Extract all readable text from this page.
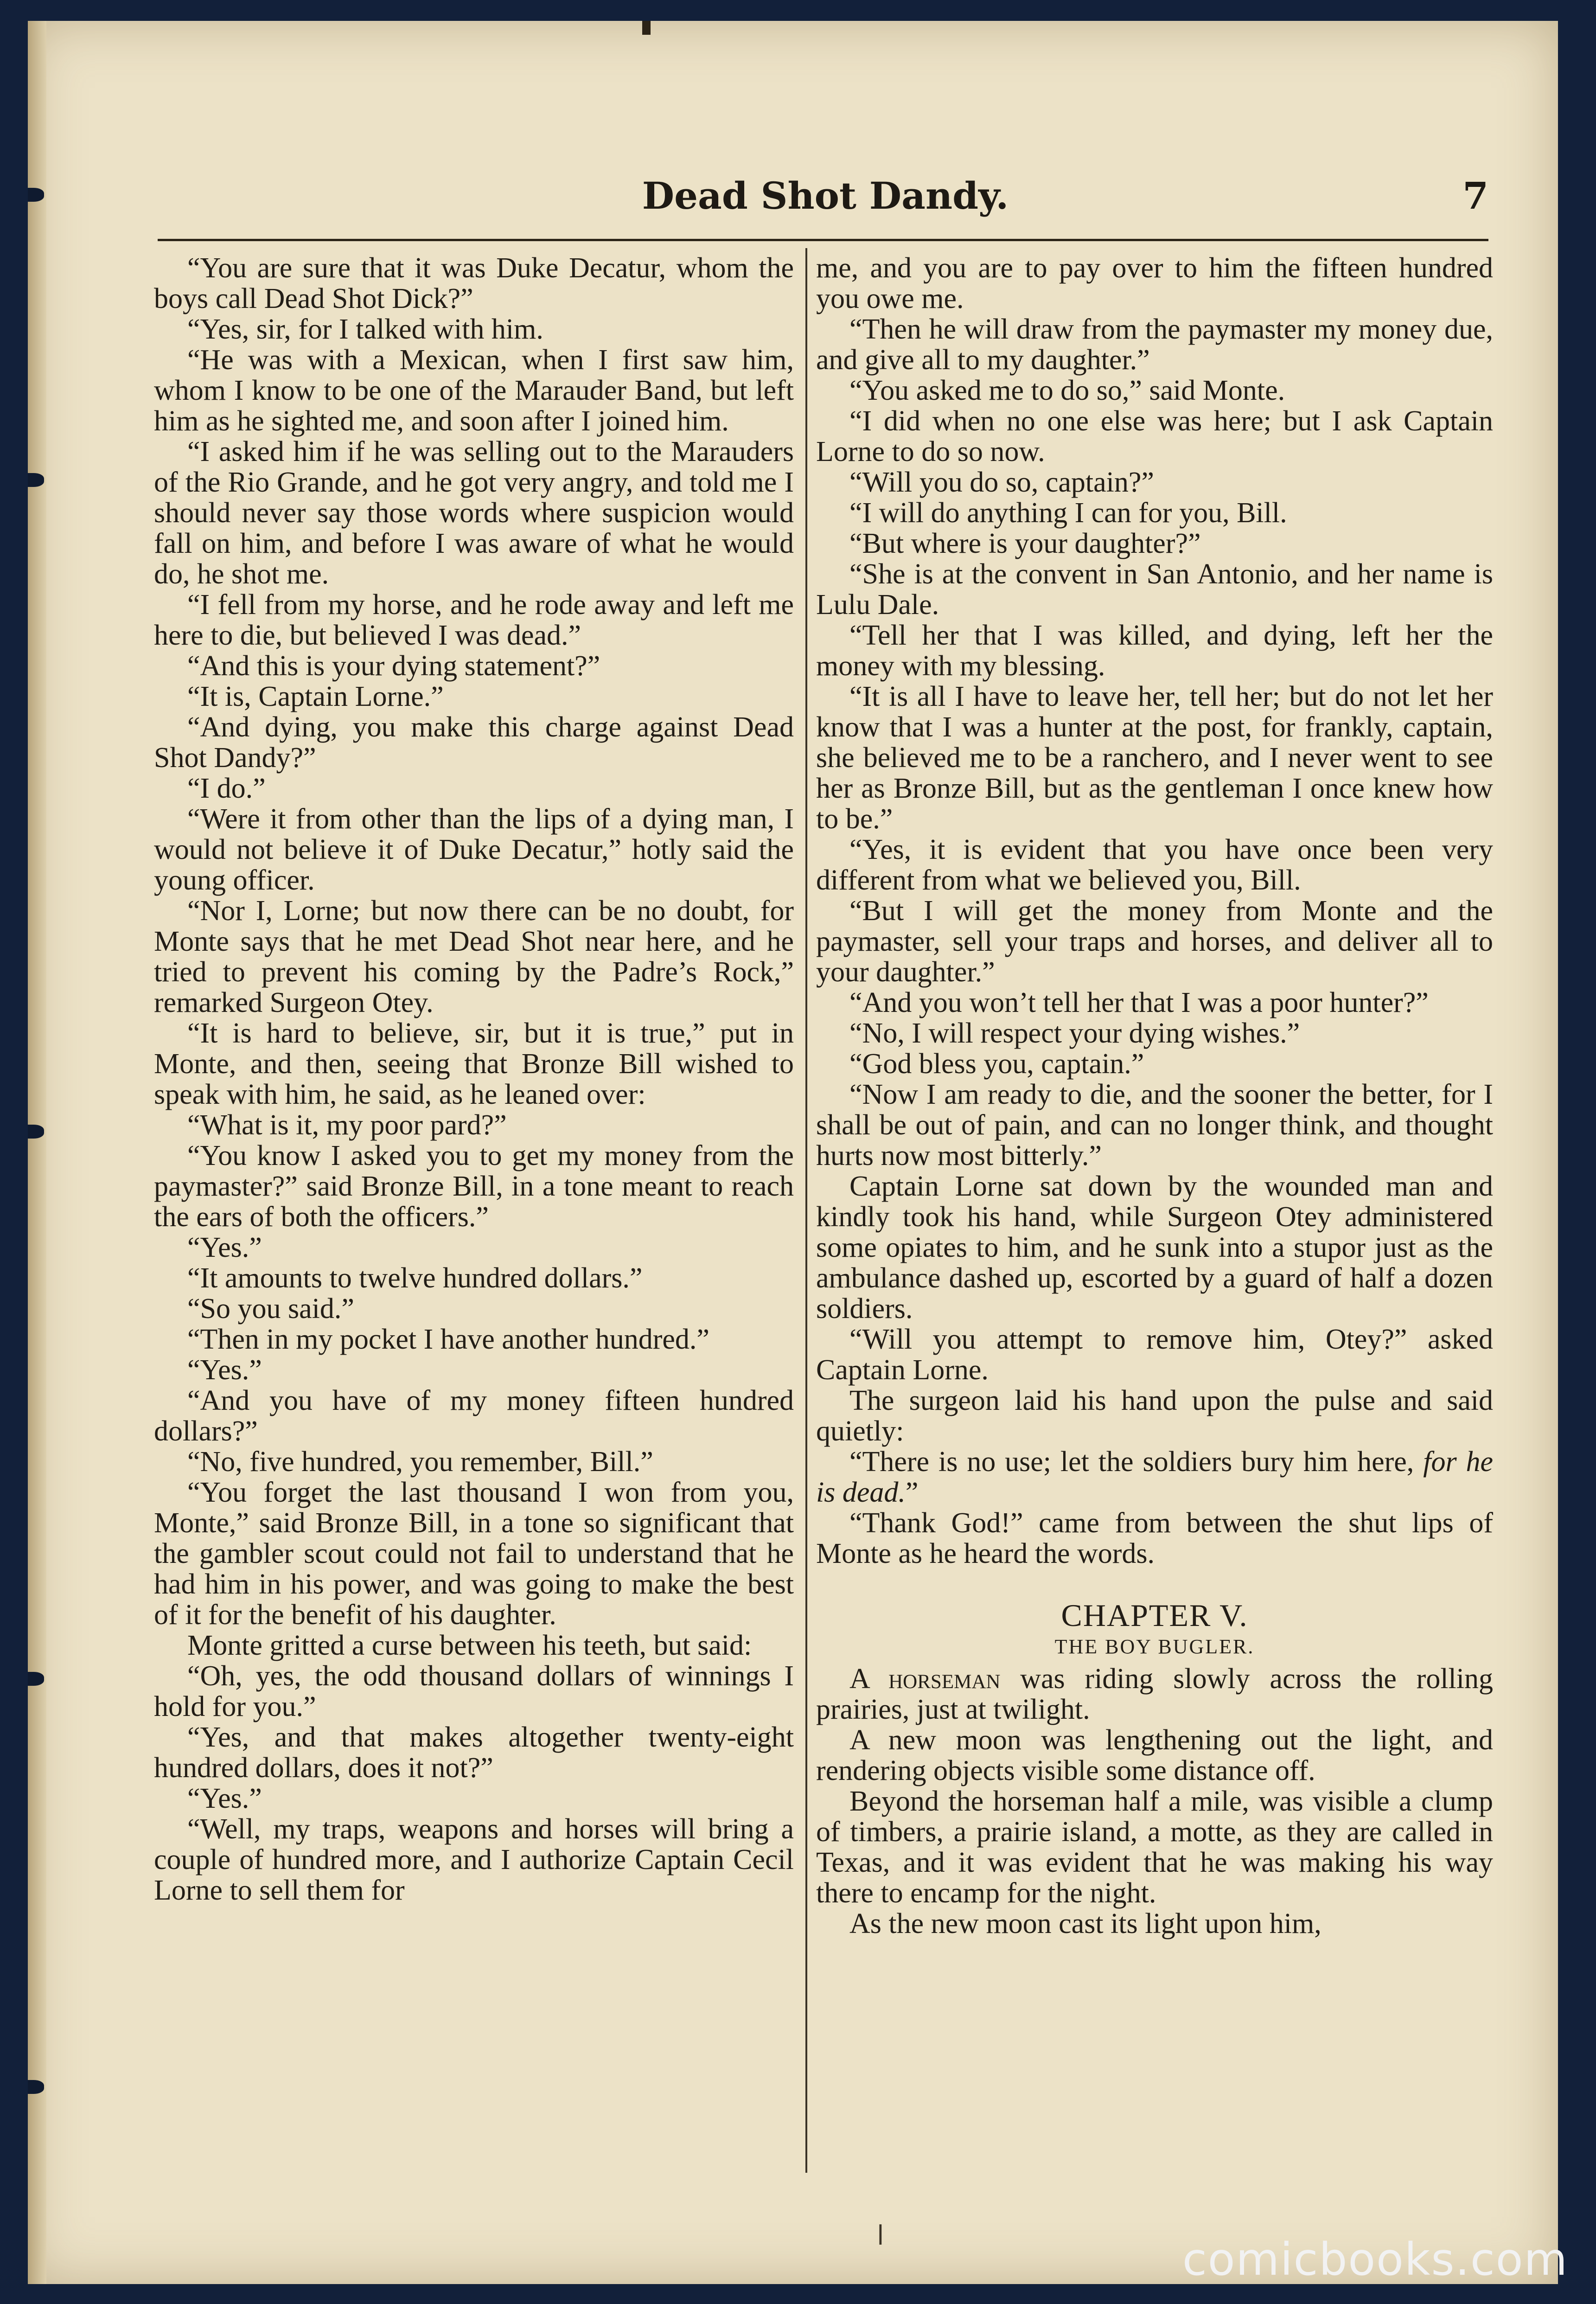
Dead Shot Dandy.	7

“You are sure that it was Duke Decatur, whom the boys call Dead Shot Dick?”

“Yes, sir, for I talked with him.

“He was with a Mexican, when I first saw him, whom I know to be one of the Marauder Band, but left him as he sighted me, and soon after I joined him.

“I asked him if he was selling out to the Marauders of the Rio Grande, and he got very angry, and told me I should never say those words where suspicion would fall on him, and before I was aware of what he would do, he shot me.

“I fell from my horse, and he rode away and left me here to die, but believed I was dead.”

“And this is your dying statement?”

“It is, Captain Lorne.”

“And dying, you make this charge against Dead Shot Dandy?”

“I do.”

“Were it from other than the lips of a dying man, I would not believe it of Duke Decatur,” hotly said the young officer.

“Nor I, Lorne; but now there can be no doubt, for Monte says that he met Dead Shot near here, and he tried to prevent his coming by the Padre’s Rock,” remarked Surgeon Otey.

“It is hard to believe, sir, but it is true,” put in Monte, and then, seeing that Bronze Bill wished to speak with him, he said, as he leaned over:

“What is it, my poor pard?”

“You know I asked you to get my money from the paymaster?” said Bronze Bill, in a tone meant to reach the ears of both the officers.”

“Yes.”

“It amounts to twelve hundred dollars.”

“So you said.”

“Then in my pocket I have another hundred.”

“Yes.”

“And you have of my money fifteen hundred dollars?”

“No, five hundred, you remember, Bill.”

“You forget the last thousand I won from you, Monte,” said Bronze Bill, in a tone so significant that the gambler scout could not fail to understand that he had him in his power, and was going to make the best of it for the benefit of his daughter.

Monte gritted a curse between his teeth, but said:

“Oh, yes, the odd thousand dollars of winnings I hold for you.”

“Yes, and that makes altogether twenty-eight hundred dollars, does it not?”

“Yes.”

“Well, my traps, weapons and horses will bring a couple of hundred more, and I authorize Captain Cecil Lorne to sell them for

me, and you are to pay over to him the fifteen hundred you owe me.

“Then he will draw from the paymaster my money due, and give all to my daughter.”

“You asked me to do so,” said Monte.

“I did when no one else was here; but I ask Captain Lorne to do so now.

“Will you do so, captain?”

“I will do anything I can for you, Bill.

“But where is your daughter?”

“She is at the convent in San Antonio, and her name is Lulu Dale.

“Tell her that I was killed, and dying, left her the money with my blessing.

“It is all I have to leave her, tell her; but do not let her know that I was a hunter at the post, for frankly, captain, she believed me to be a ranchero, and I never went to see her as Bronze Bill, but as the gentleman I once knew how to be.”

“Yes, it is evident that you have once been very different from what we believed you, Bill.

“But I will get the money from Monte and the paymaster, sell your traps and horses, and deliver all to your daughter.”

“And you won’t tell her that I was a poor hunter?”

“No, I will respect your dying wishes.”

“God bless you, captain.”

“Now I am ready to die, and the sooner the better, for I shall be out of pain, and can no longer think, and thought hurts now most bitterly.”

Captain Lorne sat down by the wounded man and kindly took his hand, while Surgeon Otey administered some opiates to him, and he sunk into a stupor just as the ambulance dashed up, escorted by a guard of half a dozen soldiers.

“Will you attempt to remove him, Otey?” asked Captain Lorne.

The surgeon laid his hand upon the pulse and said quietly:

“There is no use; let the soldiers bury him here, for he is dead.”

“Thank God!” came from between the shut lips of Monte as he heard the words.

CHAPTER V.
THE BOY BUGLER.

A horseman was riding slowly across the rolling prairies, just at twilight.

A new moon was lengthening out the light, and rendering objects visible some distance off.

Beyond the horseman half a mile, was visible a clump of timbers, a prairie island, a motte, as they are called in Texas, and it was evident that he was making his way there to encamp for the night.

As the new moon cast its light upon him,

ǀ	comicbooks.com
